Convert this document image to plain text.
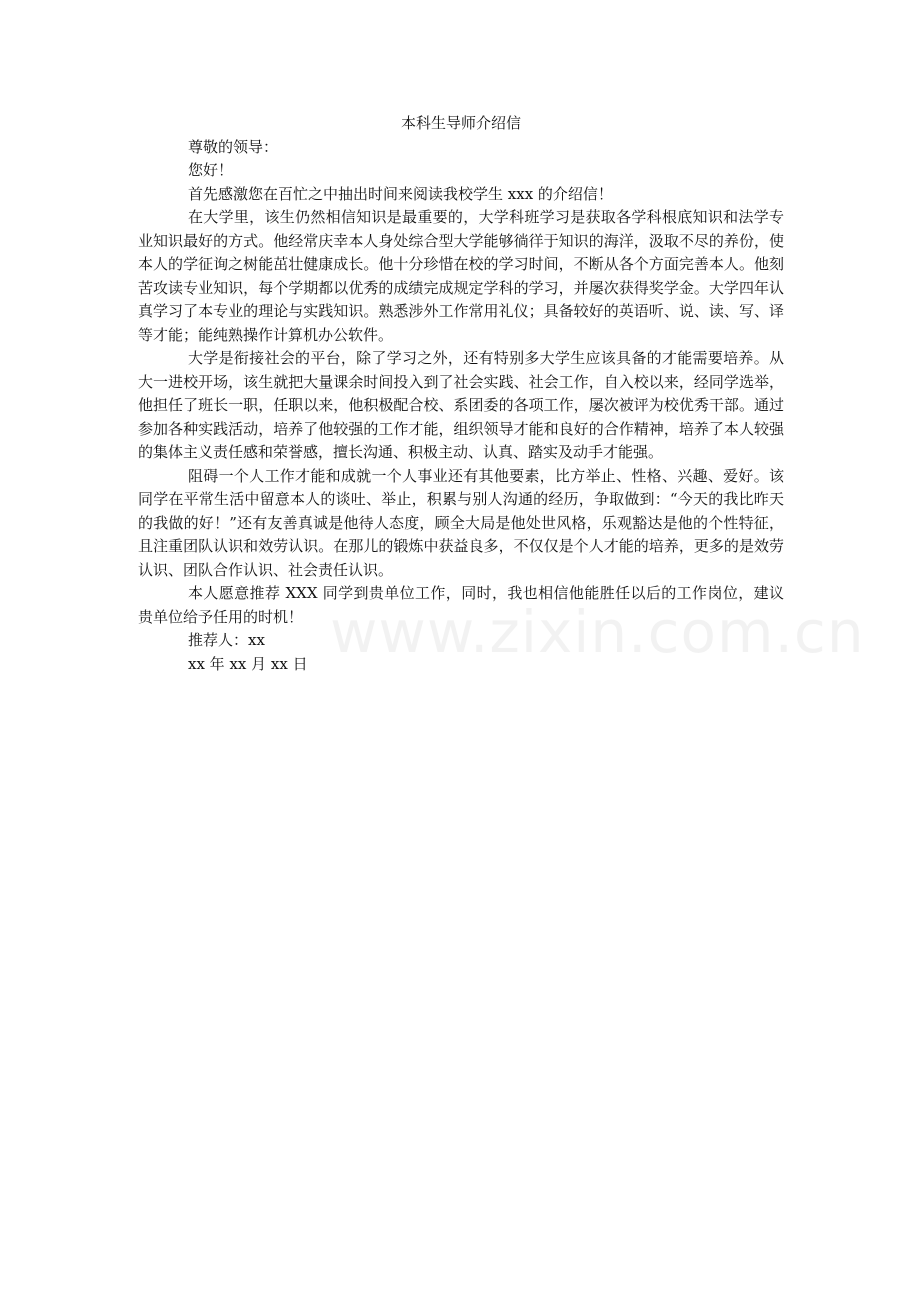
本科生导师介绍信

尊敬的领导：

您好！

首先感激您在百忙之中抽出时间来阅读我校学生 xxx 的介绍信！

在大学里，该生仍然相信知识是最重要的，大学科班学习是获取各学科根底知识和法学专业知识最好的方式。他经常庆幸本人身处综合型大学能够徜徉于知识的海洋，汲取不尽的养份，使本人的学征询之树能茁壮健康成长。他十分珍惜在校的学习时间，不断从各个方面完善本人。他刻苦攻读专业知识，每个学期都以优秀的成绩完成规定学科的学习，并屡次获得奖学金。大学四年认真学习了本专业的理论与实践知识。熟悉涉外工作常用礼仪；具备较好的英语听、说、读、写、译等才能；能纯熟操作计算机办公软件。

大学是衔接社会的平台，除了学习之外，还有特别多大学生应该具备的才能需要培养。从大一进校开场，该生就把大量课余时间投入到了社会实践、社会工作，自入校以来，经同学选举，他担任了班长一职，任职以来，他积极配合校、系团委的各项工作，屡次被评为校优秀干部。通过参加各种实践活动，培养了他较强的工作才能，组织领导才能和良好的合作精神，培养了本人较强的集体主义责任感和荣誉感，擅长沟通、积极主动、认真、踏实及动手才能强。

阻碍一个人工作才能和成就一个人事业还有其他要素，比方举止、性格、兴趣、爱好。该同学在平常生活中留意本人的谈吐、举止，积累与别人沟通的经历，争取做到：“今天的我比昨天的我做的好！”还有友善真诚是他待人态度，顾全大局是他处世风格，乐观豁达是他的个性特征，且注重团队认识和效劳认识。在那儿的锻炼中获益良多，不仅仅是个人才能的培养，更多的是效劳认识、团队合作认识、社会责任认识。

本人愿意推荐 XXX 同学到贵单位工作，同时，我也相信他能胜任以后的工作岗位，建议贵单位给予任用的时机！

推荐人：xx

xx 年 xx 月 xx 日 www.zixin.com.cn
